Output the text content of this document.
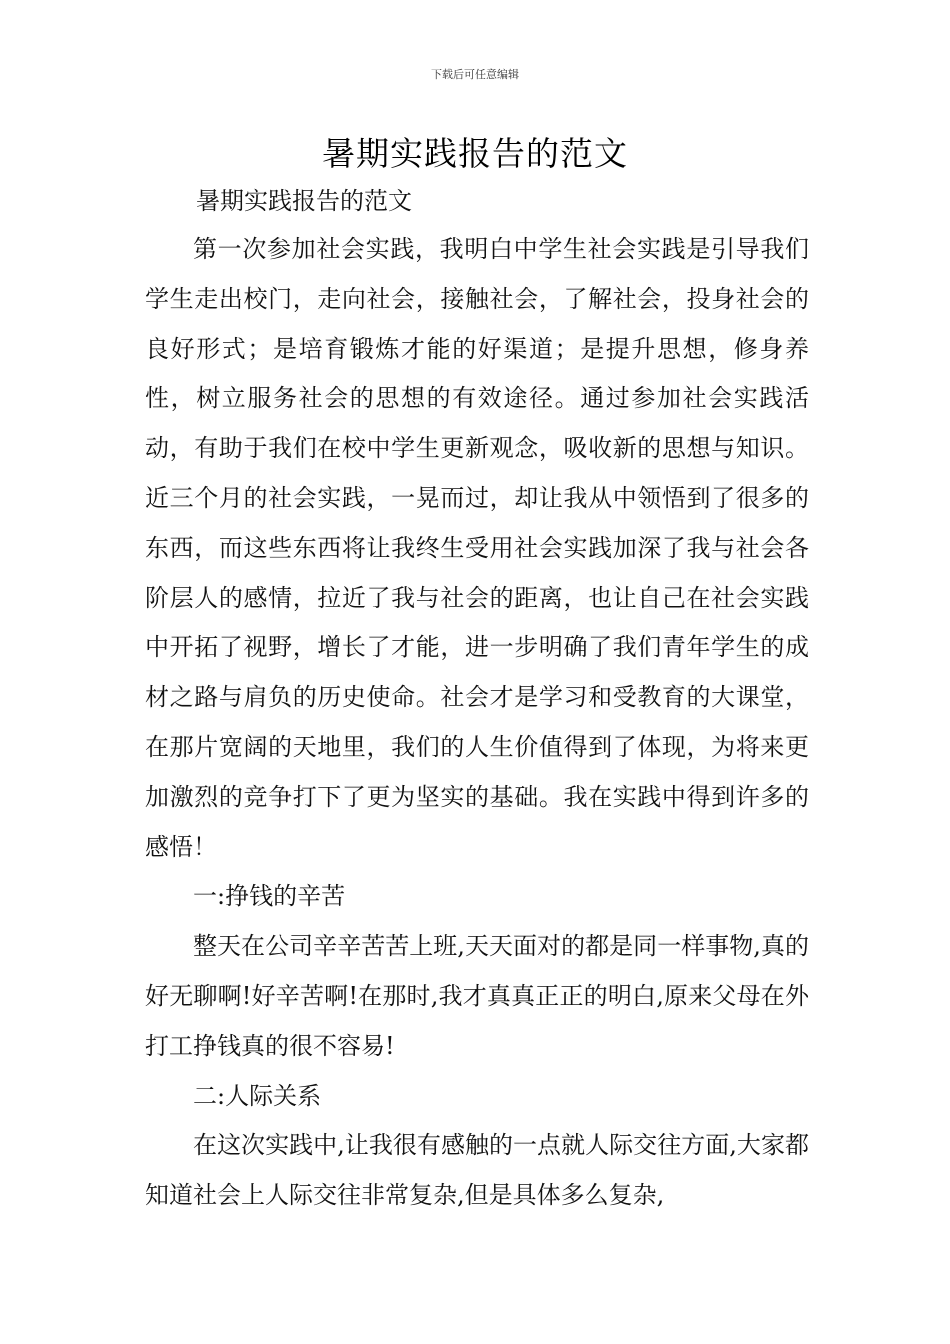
下载后可任意编辑
暑期实践报告的范文
暑期实践报告的范文

第一次参加社会实践，我明白中学生社会实践是引导我们学生走出校门，走向社会，接触社会，了解社会，投身社会的良好形式；是培育锻炼才能的好渠道；是提升思想，修身养性，树立服务社会的思想的有效途径。通过参加社会实践活动，有助于我们在校中学生更新观念，吸收新的思想与知识。近三个月的社会实践，一晃而过，却让我从中领悟到了很多的东西，而这些东西将让我终生受用社会实践加深了我与社会各阶层人的感情，拉近了我与社会的距离，也让自己在社会实践中开拓了视野，增长了才能，进一步明确了我们青年学生的成材之路与肩负的历史使命。社会才是学习和受教育的大课堂，在那片宽阔的天地里，我们的人生价值得到了体现，为将来更加激烈的竞争打下了更为坚实的基础。我在实践中得到许多的感悟！

一:挣钱的辛苦

整天在公司辛辛苦苦上班,天天面对的都是同一样事物,真的好无聊啊!好辛苦啊!在那时,我才真真正正的明白,原来父母在外打工挣钱真的很不容易!

二:人际关系

在这次实践中,让我很有感触的一点就人际交往方面,大家都知道社会上人际交往非常复杂,但是具体多么复杂,
